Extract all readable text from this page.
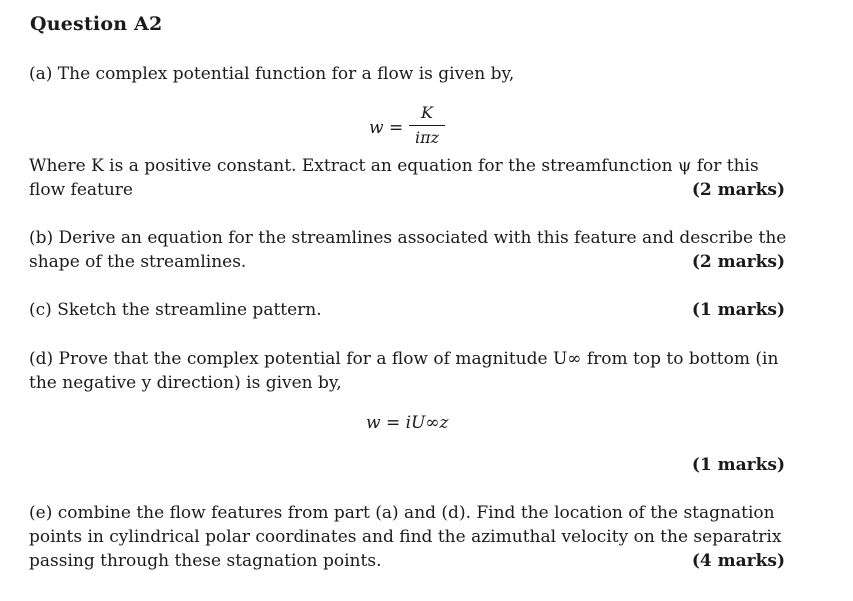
Question A2
(a) The complex potential function for a flow is given by,
w =
K
iπz
Where K is a positive constant. Extract an equation for the streamfunction ψ for this
flow feature	(2 marks)
(b) Derive an equation for the streamlines associated with this feature and describe the
shape of the streamlines.	(2 marks)
(c) Sketch the streamline pattern.	(1 marks)
(d) Prove that the complex potential for a flow of magnitude U∞ from top to bottom (in
the negative y direction) is given by,
w = iU∞z
(1 marks)
(e) combine the flow features from part (a) and (d). Find the location of the stagnation
points in cylindrical polar coordinates and find the azimuthal velocity on the separatrix
passing through these stagnation points.	(4 marks)
